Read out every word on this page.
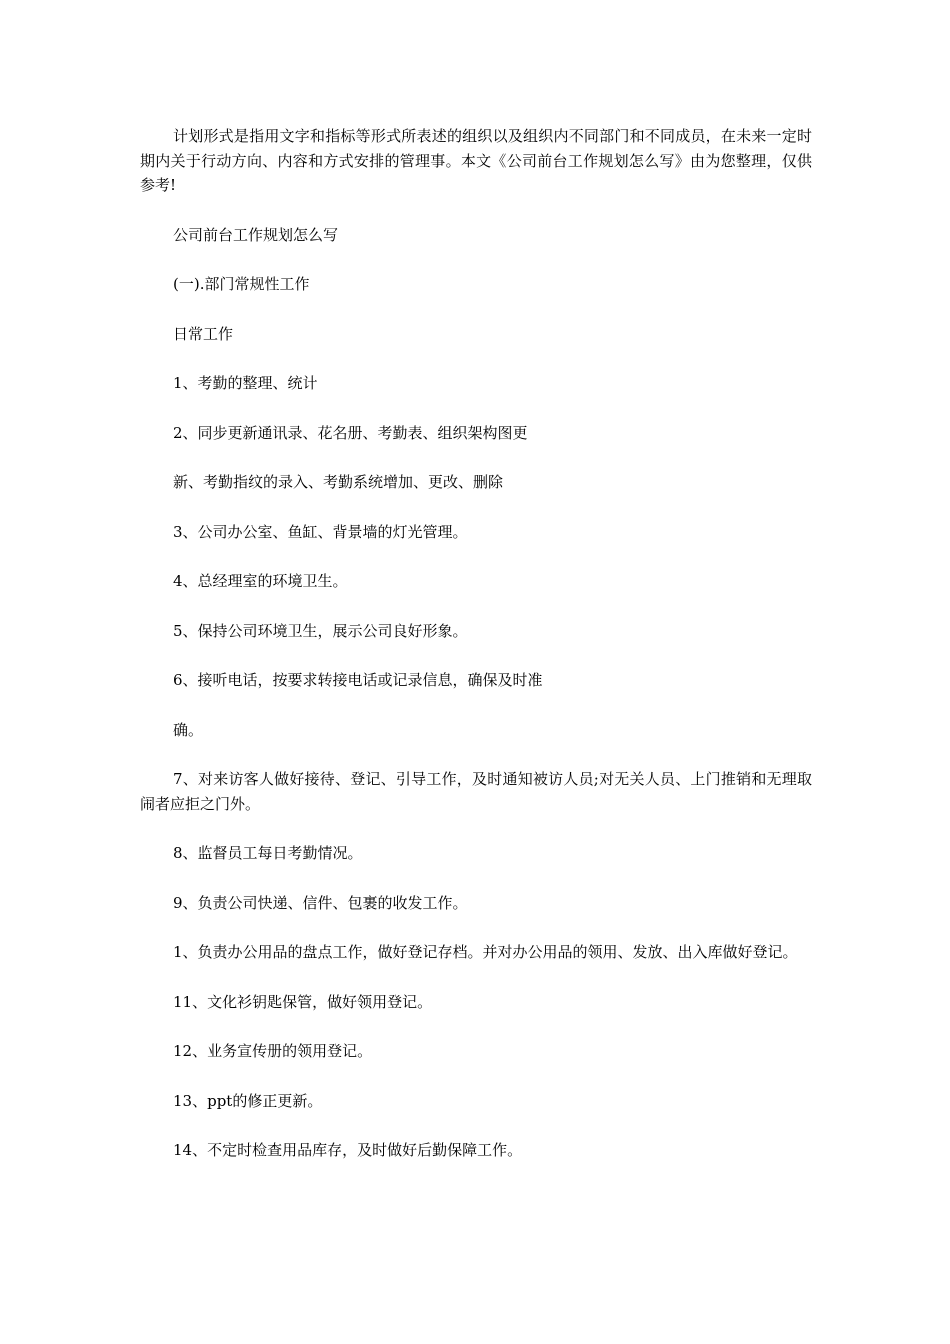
计划形式是指用文字和指标等形式所表述的组织以及组织内不同部门和不同成员，在未来一定时期内关于行动方向、内容和方式安排的管理事。本文《公司前台工作规划怎么写》由为您整理，仅供参考!

公司前台工作规划怎么写

(一).部门常规性工作

日常工作

1、考勤的整理、统计

2、同步更新通讯录、花名册、考勤表、组织架构图更

新、考勤指纹的录入、考勤系统增加、更改、删除

3、公司办公室、鱼缸、背景墙的灯光管理。

4、总经理室的环境卫生。

5、保持公司环境卫生，展示公司良好形象。

6、接听电话，按要求转接电话或记录信息，确保及时准

确。

7、对来访客人做好接待、登记、引导工作，及时通知被访人员;对无关人员、上门推销和无理取闹者应拒之门外。

8、监督员工每日考勤情况。

9、负责公司快递、信件、包裹的收发工作。

1、负责办公用品的盘点工作，做好登记存档。并对办公用品的领用、发放、出入库做好登记。

11、文化衫钥匙保管，做好领用登记。

12、业务宣传册的领用登记。

13、ppt的修正更新。

14、不定时检查用品库存，及时做好后勤保障工作。
